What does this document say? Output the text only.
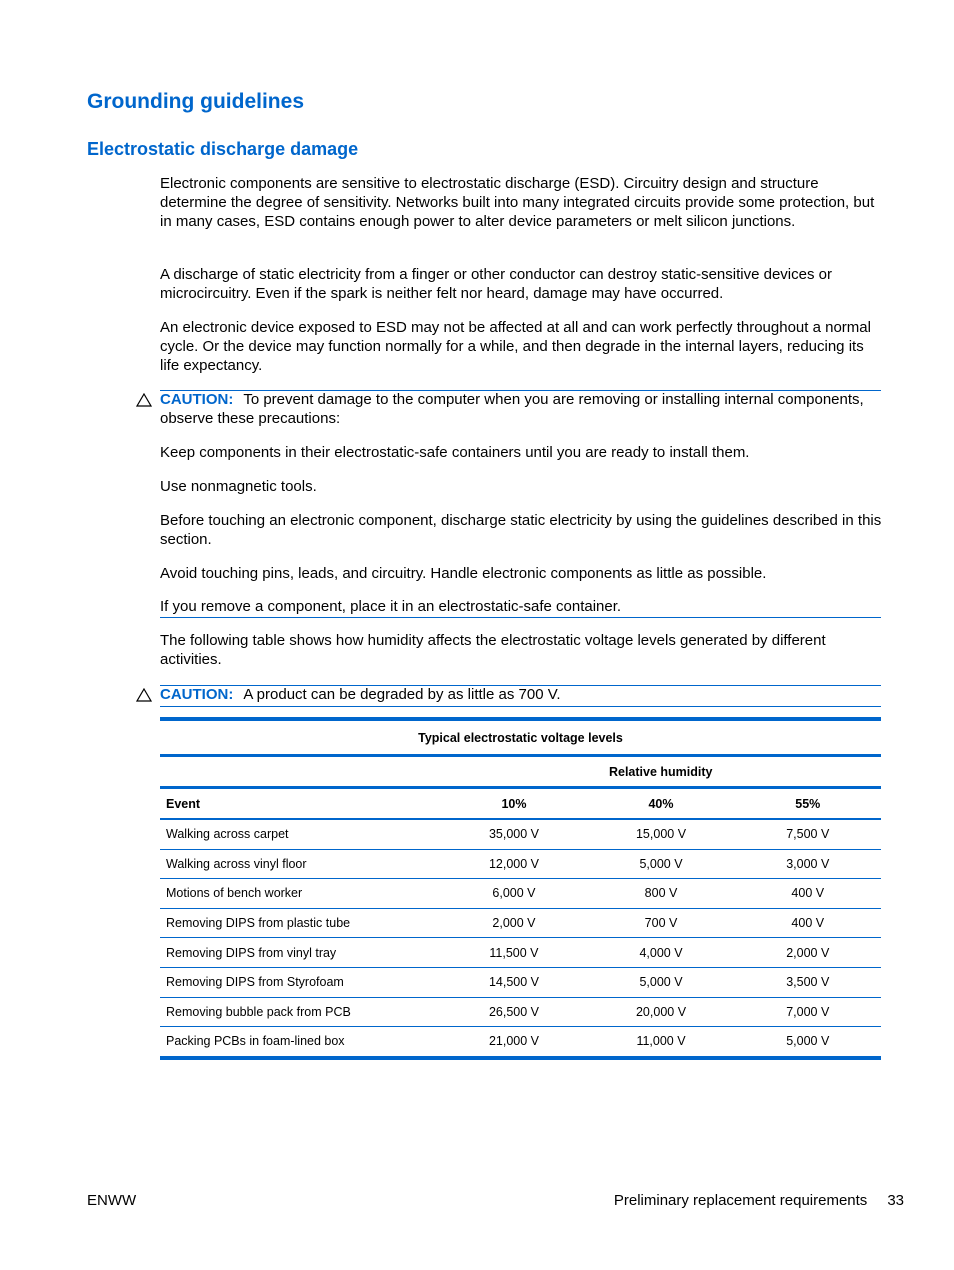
Grounding guidelines
Electrostatic discharge damage

Electronic components are sensitive to electrostatic discharge (ESD). Circuitry design and structure determine the degree of sensitivity. Networks built into many integrated circuits provide some protection, but in many cases, ESD contains enough power to alter device parameters or melt silicon junctions.

A discharge of static electricity from a finger or other conductor can destroy static-sensitive devices or microcircuitry. Even if the spark is neither felt nor heard, damage may have occurred.

An electronic device exposed to ESD may not be affected at all and can work perfectly throughout a normal cycle. Or the device may function normally for a while, and then degrade in the internal layers, reducing its life expectancy.

CAUTION: To prevent damage to the computer when you are removing or installing internal components, observe these precautions:

Keep components in their electrostatic-safe containers until you are ready to install them.

Use nonmagnetic tools.

Before touching an electronic component, discharge static electricity by using the guidelines described in this section.

Avoid touching pins, leads, and circuitry. Handle electronic components as little as possible.

If you remove a component, place it in an electrostatic-safe container.

The following table shows how humidity affects the electrostatic voltage levels generated by different activities.

CAUTION: A product can be degraded by as little as 700 V.

Typical electrostatic voltage levels			
	Relative humidity		
Event	10%	40%	55%
Walking across carpet	35,000 V	15,000 V	7,500 V
Walking across vinyl floor	12,000 V	5,000 V	3,000 V
Motions of bench worker	6,000 V	800 V	400 V
Removing DIPS from plastic tube	2,000 V	700 V	400 V
Removing DIPS from vinyl tray	11,500 V	4,000 V	2,000 V
Removing DIPS from Styrofoam	14,500 V	5,000 V	3,500 V
Removing bubble pack from PCB	26,500 V	20,000 V	7,000 V
Packing PCBs in foam-lined box	21,000 V	11,000 V	5,000 V
ENWW	Preliminary replacement requirements 33
